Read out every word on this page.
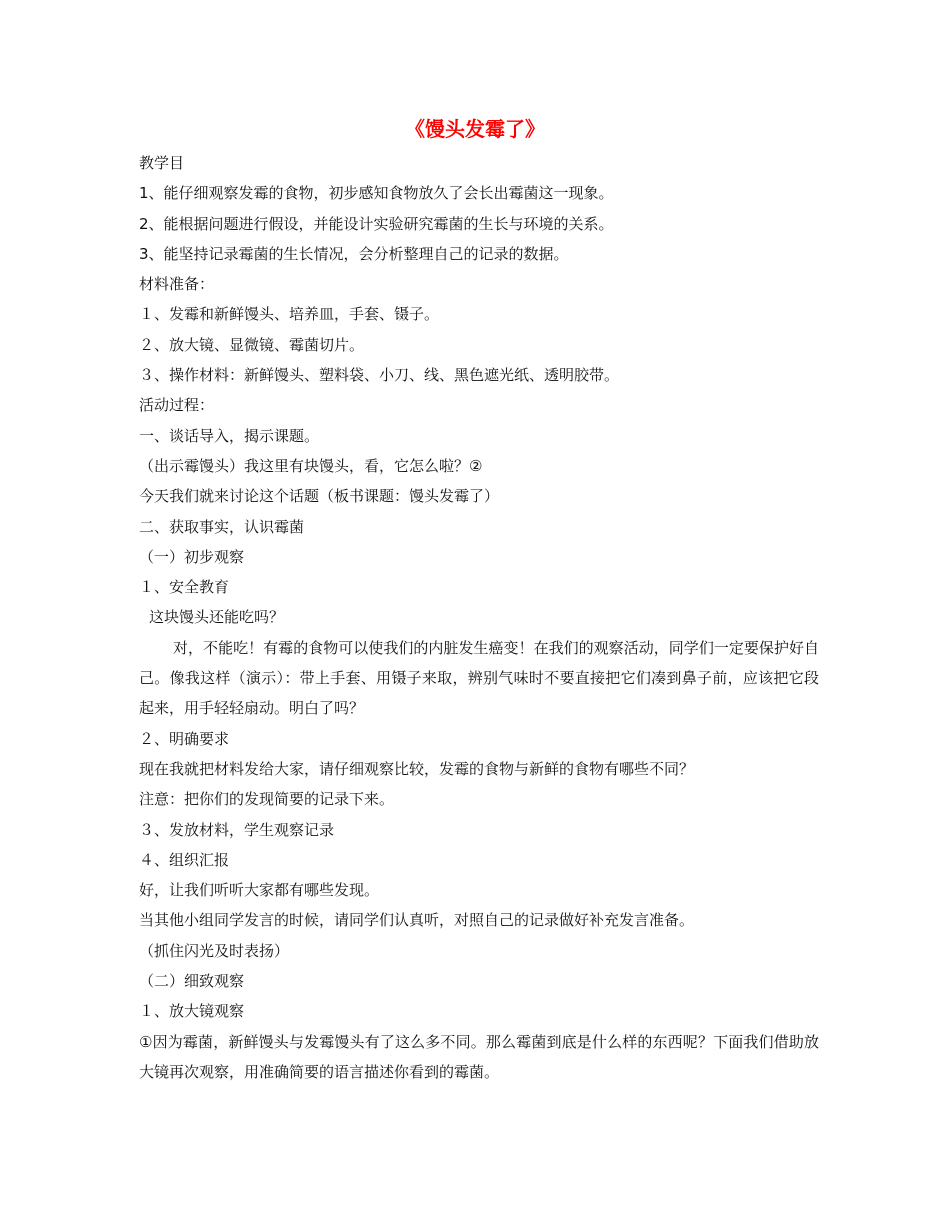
《馒头发霉了》
教学目
1、能仔细观察发霉的食物，初步感知食物放久了会长出霉菌这一现象。
2、能根据问题进行假设，并能设计实验研究霉菌的生长与环境的关系。
3、能坚持记录霉菌的生长情况，会分析整理自己的记录的数据。
材料准备：
１、发霉和新鲜馒头、培养皿，手套、镊子。
２、放大镜、显微镜、霉菌切片。
３、操作材料：新鲜馒头、塑料袋、小刀、线、黑色遮光纸、透明胶带。
活动过程：
一、谈话导入，揭示课题。
（出示霉馒头）我这里有块馒头，看，它怎么啦？②
今天我们就来讨论这个话题（板书课题：馒头发霉了）
二、获取事实，认识霉菌
（一）初步观察
１、安全教育
这块馒头还能吃吗？
对，不能吃！有霉的食物可以使我们的内脏发生癌变！在我们的观察活动，同学们一定要保护好自己。像我这样（演示）：带上手套、用镊子来取，辨别气味时不要直接把它们凑到鼻子前，应该把它段起来，用手轻轻扇动。明白了吗？
２、明确要求
现在我就把材料发给大家，请仔细观察比较，发霉的食物与新鲜的食物有哪些不同？
注意：把你们的发现简要的记录下来。
３、发放材料，学生观察记录
４、组织汇报
好，让我们听听大家都有哪些发现。
当其他小组同学发言的时候，请同学们认真听，对照自己的记录做好补充发言准备。
（抓住闪光及时表扬）
（二）细致观察
１、放大镜观察
①因为霉菌，新鲜馒头与发霉馒头有了这么多不同。那么霉菌到底是什么样的东西呢？下面我们借助放大镜再次观察，用准确简要的语言描述你看到的霉菌。
